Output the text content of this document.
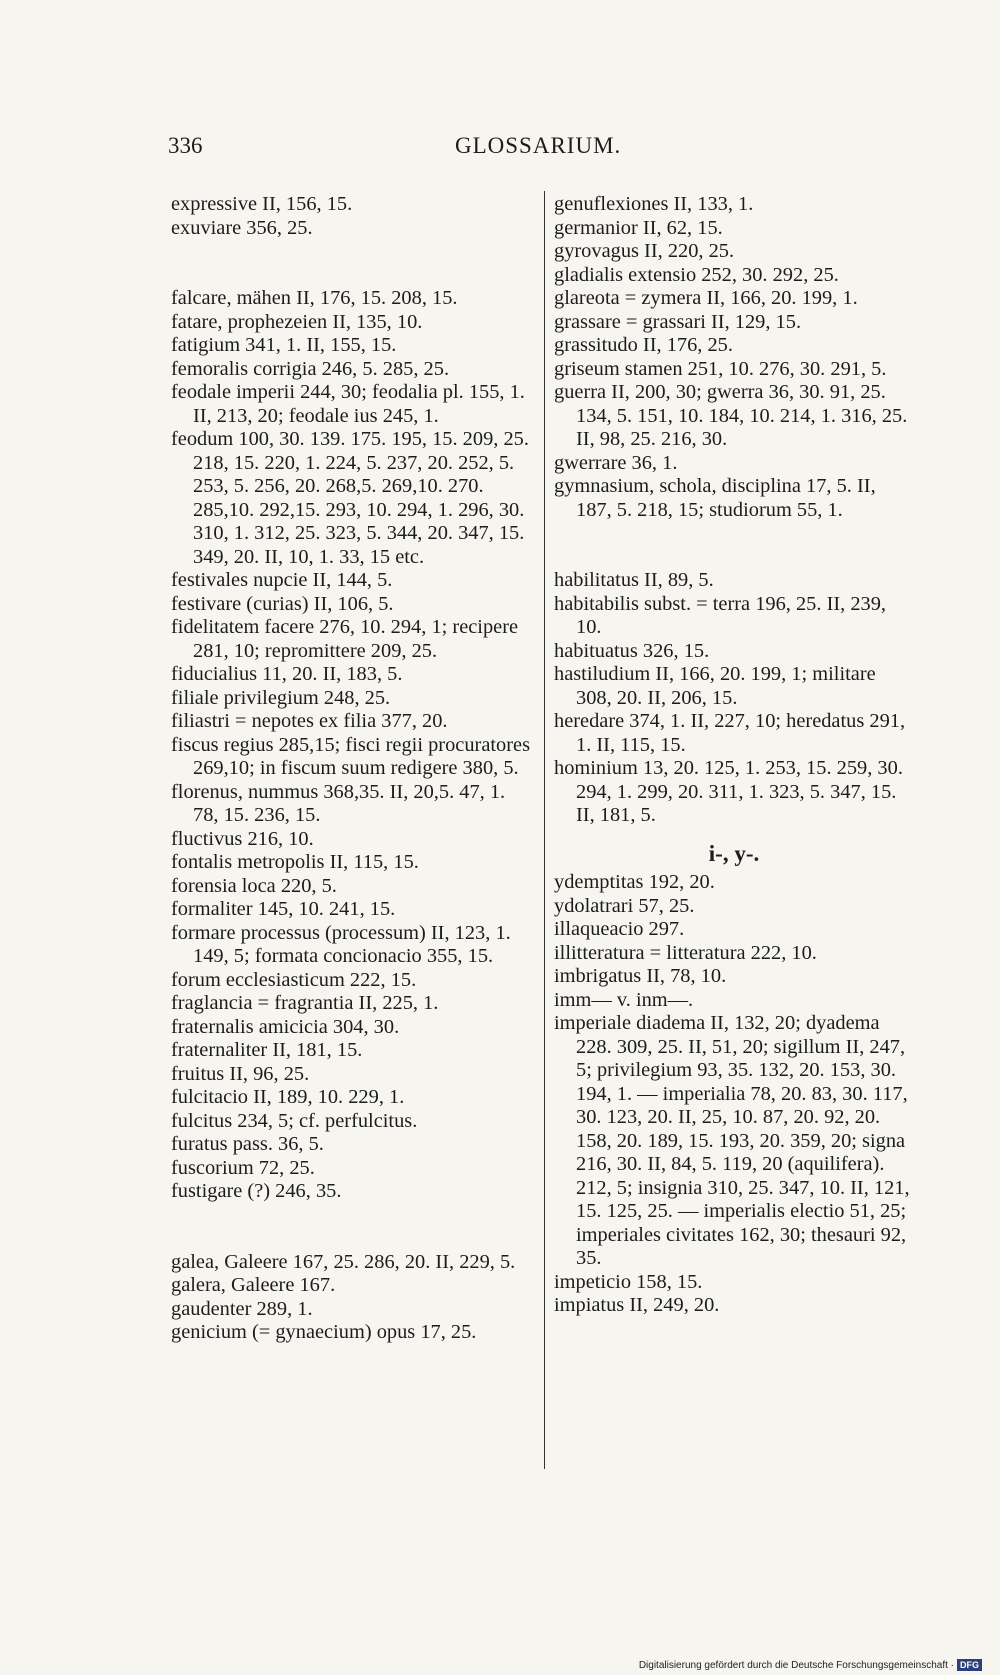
336	GLOSSARIUM.
expressive II, 156, 15.
exuviare 356, 25.
falcare, mähen II, 176, 15. 208, 15.
fatare, prophezeien II, 135, 10.
fatigium 341, 1. II, 155, 15.
femoralis corrigia 246, 5. 285, 25.
feodale imperii 244, 30; feodalia pl. 155, 1. II, 213, 20; feodale ius 245, 1.
feodum 100, 30. 139. 175. 195, 15. 209, 25. 218, 15. 220, 1. 224, 5. 237, 20. 252, 5. 253, 5. 256, 20. 268,5. 269,10. 270. 285,10. 292,15. 293, 10. 294, 1. 296, 30. 310, 1. 312, 25. 323, 5. 344, 20. 347, 15. 349, 20. II, 10, 1. 33, 15 etc.
festivales nupcie II, 144, 5.
festivare (curias) II, 106, 5.
fidelitatem facere 276, 10. 294, 1; recipere 281, 10; repromittere 209, 25.
fiducialius 11, 20. II, 183, 5.
filiale privilegium 248, 25.
filiastri = nepotes ex filia 377, 20.
fiscus regius 285,15; fisci regii procuratores 269,10; in fiscum suum redigere 380, 5.
florenus, nummus 368,35. II, 20,5. 47, 1. 78, 15. 236, 15.
fluctivus 216, 10.
fontalis metropolis II, 115, 15.
forensia loca 220, 5.
formaliter 145, 10. 241, 15.
formare processus (processum) II, 123, 1. 149, 5; formata concionacio 355, 15.
forum ecclesiasticum 222, 15.
fraglancia = fragrantia II, 225, 1.
fraternalis amicicia 304, 30.
fraternaliter II, 181, 15.
fruitus II, 96, 25.
fulcitacio II, 189, 10. 229, 1.
fulcitus 234, 5; cf. perfulcitus.
furatus pass. 36, 5.
fuscorium 72, 25.
fustigare (?) 246, 35.
galea, Galeere 167, 25. 286, 20. II, 229, 5.
galera, Galeere 167.
gaudenter 289, 1.
genicium (= gynaecium) opus 17, 25.
genuflexiones II, 133, 1.
germanior II, 62, 15.
gyrovagus II, 220, 25.
gladialis extensio 252, 30. 292, 25.
glareota = zymera II, 166, 20. 199, 1.
grassare = grassari II, 129, 15.
grassitudo II, 176, 25.
griseum stamen 251, 10. 276, 30. 291, 5.
guerra II, 200, 30; gwerra 36, 30. 91, 25. 134, 5. 151, 10. 184, 10. 214, 1. 316, 25. II, 98, 25. 216, 30.
gwerrare 36, 1.
gymnasium, schola, disciplina 17, 5. II, 187, 5. 218, 15; studiorum 55, 1.
habilitatus II, 89, 5.
habitabilis subst. = terra 196, 25. II, 239, 10.
habituatus 326, 15.
hastiludium II, 166, 20. 199, 1; militare 308, 20. II, 206, 15.
heredare 374, 1. II, 227, 10; heredatus 291, 1. II, 115, 15.
hominium 13, 20. 125, 1. 253, 15. 259, 30. 294, 1. 299, 20. 311, 1. 323, 5. 347, 15. II, 181, 5.
i-, y-.
ydemptitas 192, 20.
ydolatrari 57, 25.
illaqueacio 297.
illitteratura = litteratura 222, 10.
imbrigatus II, 78, 10.
imm— v. inm—.
imperiale diadema II, 132, 20; dyadema 228. 309, 25. II, 51, 20; sigillum II, 247, 5; privilegium 93, 35. 132, 20. 153, 30. 194, 1. — imperialia 78, 20. 83, 30. 117, 30. 123, 20. II, 25, 10. 87, 20. 92, 20. 158, 20. 189, 15. 193, 20. 359, 20; signa 216, 30. II, 84, 5. 119, 20 (aquilifera). 212, 5; insignia 310, 25. 347, 10. II, 121, 15. 125, 25. — imperialis electio 51, 25; imperiales civitates 162, 30; thesauri 92, 35.
impeticio 158, 15.
impiatus II, 249, 20.
Digitalisierung gefördert durch die Deutsche Forschungsgemeinschaft · DFG
